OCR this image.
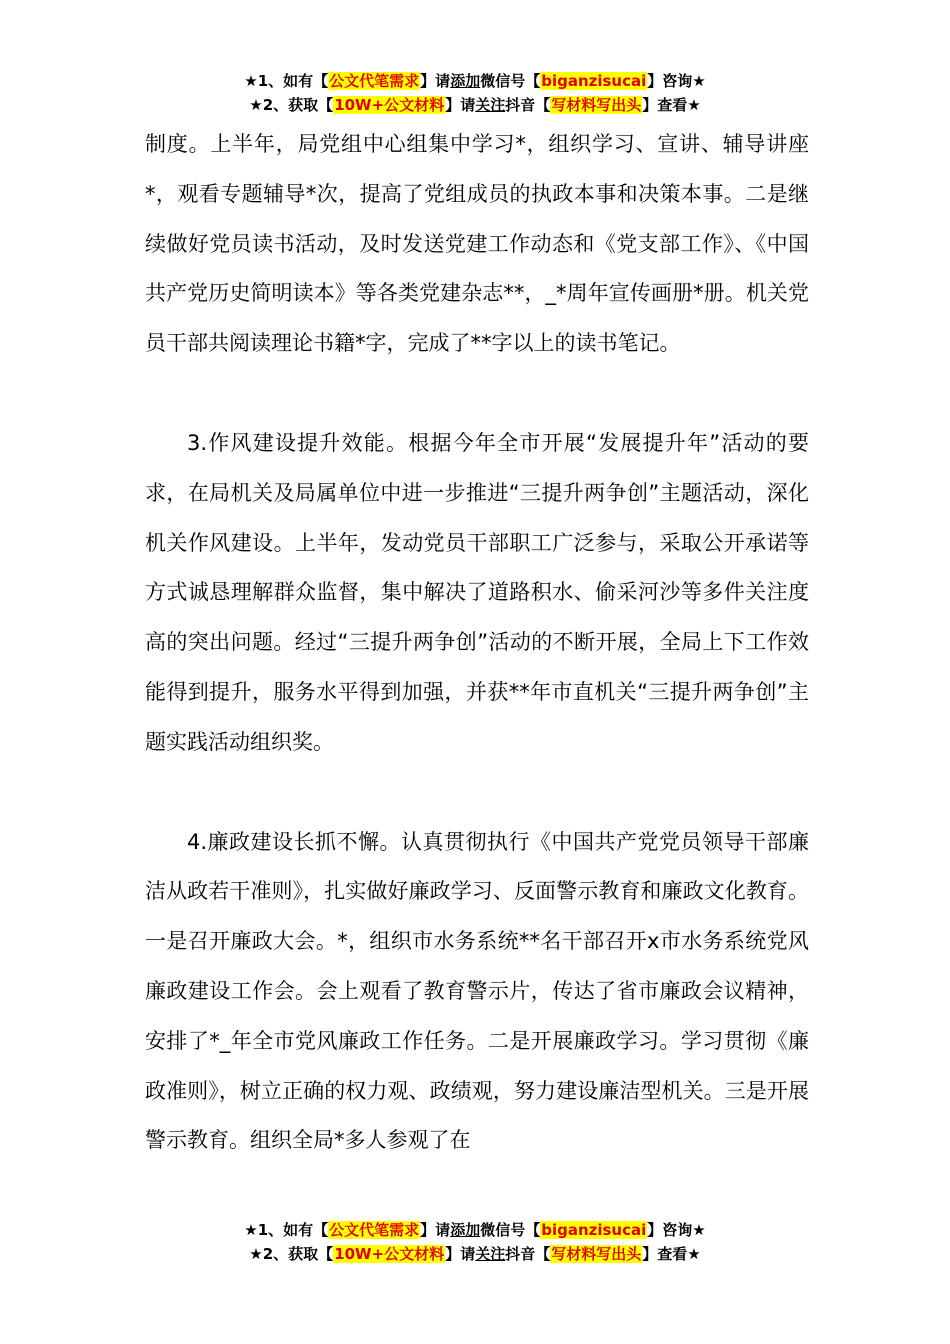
★1、如有【公文代笔需求】请添加微信号【biganzisucai】咨询★
★2、获取【10W+公文材料】请关注抖音【写材料写出头】查看★

制度。上半年，局党组中心组集中学习*，组织学习、宣讲、辅导讲座*，观看专题辅导*次，提高了党组成员的执政本事和决策本事。二是继续做好党员读书活动，及时发送党建工作动态和《党支部工作》、《中国共产党历史简明读本》等各类党建杂志**，_*周年宣传画册*册。机关党员干部共阅读理论书籍*字，完成了**字以上的读书笔记。

3.作风建设提升效能。根据今年全市开展“发展提升年”活动的要求，在局机关及局属单位中进一步推进“三提升两争创”主题活动，深化机关作风建设。上半年，发动党员干部职工广泛参与，采取公开承诺等方式诚恳理解群众监督，集中解决了道路积水、偷采河沙等多件关注度高的突出问题。经过“三提升两争创”活动的不断开展，全局上下工作效能得到提升，服务水平得到加强，并获**年市直机关“三提升两争创”主题实践活动组织奖。

4.廉政建设长抓不懈。认真贯彻执行《中国共产党党员领导干部廉洁从政若干准则》，扎实做好廉政学习、反面警示教育和廉政文化教育。一是召开廉政大会。*，组织市水务系统**名干部召开x市水务系统党风廉政建设工作会。会上观看了教育警示片，传达了省市廉政会议精神，安排了*_年全市党风廉政工作任务。二是开展廉政学习。学习贯彻《廉政准则》，树立正确的权力观、政绩观，努力建设廉洁型机关。三是开展警示教育。组织全局*多人参观了在

★1、如有【公文代笔需求】请添加微信号【biganzisucai】咨询★
★2、获取【10W+公文材料】请关注抖音【写材料写出头】查看★
